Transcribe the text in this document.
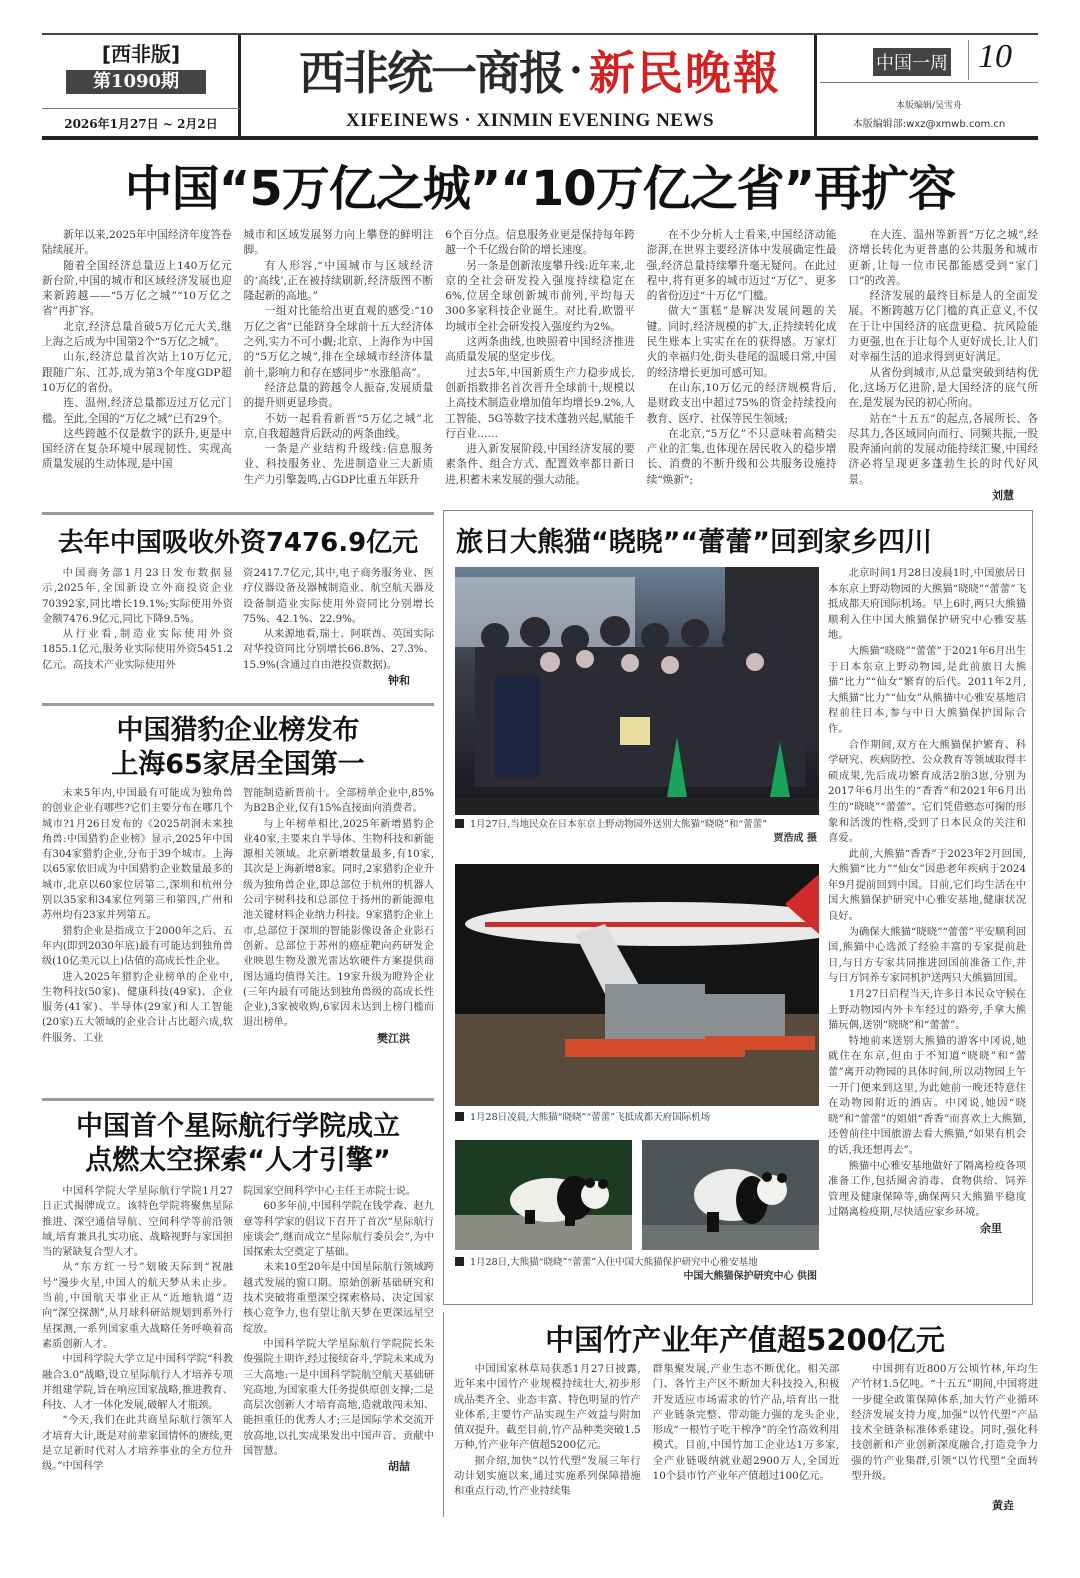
[西非版]
第1090期
2026年1月27日 ~ 2月2日
西非统一商报 · 新民晚報
XIFEINEWS · XINMIN EVENING NEWS
中国一周 10
本版编辑/吴雪舟
本版编辑部:wxz@xmwb.com.cn
中国“5万亿之城”“10万亿之省”再扩容

新年以来,2025年中国经济年度答卷陆续展开。

随着全国经济总量迈上140万亿元新台阶,中国的城市和区域经济发展也迎来新跨越——“5万亿之城”“10万亿之省”再扩容。

北京,经济总量首破5万亿元大关,继上海之后成为中国第2个“5万亿之城”。

山东,经济总量首次站上10万亿元,跟随广东、江苏,成为第3个年度GDP超10万亿的省份。

连、温州,经济总量都迈过万亿元门槛。至此,全国的“万亿之城”已有29个。

这些跨越不仅是数字的跃升,更是中国经济在复杂环境中展现韧性、实现高质量发展的生动体现,是中国

城市和区域发展努力向上攀登的鲜明注脚。

有人形容,“中国城市与区域经济的‘高线’,正在被持续刷新,经济版图不断隆起新的高地。”

一组对比能给出更直观的感受:“10万亿之省”已能跻身全球前十五大经济体之列,实力不可小觑;北京、上海作为中国的“5万亿之城”,排在全球城市经济体量前十,影响力和存在感同步“水涨船高”。

经济总量的跨越令人振奋,发展质量的提升则更显珍贵。

不妨一起看看新晋“5万亿之城”北京,自我超越背后跃动的两条曲线。

一条是产业结构升级线:信息服务业、科技服务业、先进制造业三大新质生产力引擎轰鸣,占GDP比重五年跃升

6个百分点。信息服务业更是保持每年跨越一个千亿级台阶的增长速度。

另一条是创新浓度攀升线:近年来,北京的全社会研发投入强度持续稳定在6%,位居全球创新城市前列,平均每天300多家科技企业诞生。对比看,欧盟平均城市全社会研发投入强度约为2%。

这两条曲线,也映照着中国经济推进高质量发展的坚定步伐。

过去5年,中国新质生产力稳步成长,创新指数排名首次晋升全球前十,规模以上高技术制造业增加值年均增长9.2%,人工智能、5G等数字技术蓬勃兴起,赋能千行百业……

进入新发展阶段,中国经济发展的要素条件、组合方式、配置效率都日新日进,积蓄未来发展的强大动能。

在不少分析人士看来,中国经济动能澎湃,在世界主要经济体中发展确定性最强,经济总量持续攀升毫无疑问。在此过程中,将有更多的城市迈过“万亿”、更多的省份迈过“十万亿”门槛。

做大“蛋糕”是解决发展问题的关键。同时,经济规模的扩大,正持续转化成民生账本上实实在在的获得感。万家灯火的幸福归处,街头巷尾的温暖日常,中国的经济增长更加可感可知。

在山东,10万亿元的经济规模背后,是财政支出中超过75%的资金持续投向教育、医疗、社保等民生领域;

在北京,“5万亿”不只意味着高精尖产业的汇集,也体现在居民收入的稳步增长、消费的不断升级和公共服务设施持续“焕新”;

在大连、温州等新晋“万亿之城”,经济增长转化为更普惠的公共服务和城市更新,让每一位市民都能感受到“家门口”的改善。

经济发展的最终目标是人的全面发展。不断跨越万亿门槛的真正意义,不仅在于让中国经济的底盘更稳、抗风险能力更强,也在于让每个人更好成长,让人们对幸福生活的追求得到更好满足。

从省份到城市,从总量突破到结构优化,这场万亿进阶,是大国经济的底气所在,是发展为民的初心所向。

站在“十五五”的起点,各展所长、各尽其力,各区域同向而行、同频共振,一股股奔涌向前的发展动能持续汇聚,中国经济必将呈现更多蓬勃生长的时代好风景。

刘慧
去年中国吸收外资7476.9亿元

中国商务部1月23日发布数据显示,2025年,全国新设立外商投资企业70392家,同比增长19.1%;实际使用外资金额7476.9亿元,同比下降9.5%。

从行业看,制造业实际使用外资1855.1亿元,服务业实际使用外资5451.2亿元。高技术产业实际使用外

资2417.7亿元,其中,电子商务服务业、医疗仪器设备及器械制造业、航空航天器及设备制造业实际使用外资同比分别增长75%、42.1%、22.9%。

从来源地看,瑞士、阿联酋、英国实际对华投资同比分别增长66.8%、27.3%、15.9%(含通过自由港投资数据)。

钟和
中国猎豹企业榜发布
上海65家居全国第一

未来5年内,中国最有可能成为独角兽的创业企业有哪些?它们主要分布在哪几个城市?1月26日发布的《2025胡润未来独角兽:中国猎豹企业榜》显示,2025年中国有304家猎豹企业,分布于39个城市。上海以65家依旧成为中国猎豹企业数量最多的城市,北京以60家位居第二,深圳和杭州分别以35家和34家位列第三和第四,广州和苏州均有23家并列第五。

猎豹企业是指成立于2000年之后、五年内(即到2030年底)最有可能达到独角兽级(10亿美元以上)估值的高成长性企业。

进入2025年猎豹企业榜单的企业中,生物科技(50家)、健康科技(49家)、企业服务(41家)、半导体(29家)和人工智能(20家)五大领域的企业合计占比超六成,软件服务、工业

智能制造新晋前十。全部榜单企业中,85%为B2B企业,仅有15%直接面向消费者。

与上年榜单相比,2025年新增猎豹企业40家,主要来自半导体、生物科技和新能源相关领域。北京新增数量最多,有10家,其次是上海新增8家。同时,2家猎豹企业升级为独角兽企业,即总部位于杭州的机器人公司宇树科技和总部位于扬州的新能源电池关键材料企业纳力科技。9家猎豹企业上市,总部位于深圳的智能影像设备企业影石创新、总部位于苏州的癌症靶向药研发企业映恩生物及激光雷达软硬件方案提供商图达通均值得关注。19家升级为瞪羚企业(三年内最有可能达到独角兽级的高成长性企业),3家被收购,6家因未达到上榜门槛而退出榜单。

樊江洪
中国首个星际航行学院成立
点燃太空探索“人才引擎”

中国科学院大学星际航行学院1月27日正式揭牌成立。该特色学院将聚焦星际推进、深空通信导航、空间科学等前沿领域,培育兼具扎实功底、战略视野与家国担当的紧缺复合型人才。

从“东方红一号”划破天际到“祝融号”漫步火星,中国人的航天梦从未止步。当前,中国航天事业正从“近地轨道”迈向“深空探测”,从月球科研站规划到系外行星探测,一系列国家重大战略任务呼唤着高素质创新人才。

中国科学院大学立足中国科学院“科教融合3.0”战略,设立星际航行人才培养专项并组建学院,旨在响应国家战略,推进教育、科技、人才一体化发展,破解人才瓶颈。

“今天,我们在此共商星际航行领军人才培育大计,既是对前辈家国情怀的赓续,更是立足新时代对人才培养事业的全方位升级。”中国科学

院国家空间科学中心主任王赤院士说。

60多年前,中国科学院在钱学森、赵九章等科学家的倡议下召开了首次“星际航行座谈会”,继而成立“星际航行委员会”,为中国探索太空奠定了基础。

未来10至20年是中国星际航行领域跨越式发展的窗口期。原始创新基础研究和技术突破将重塑深空探索格局、决定国家核心竞争力,也有望让航天梦在更深远星空绽放。

中国科学院大学星际航行学院院长朱俊强院士期许,经过接续奋斗,学院未来成为三大高地:一是中国科学院航空航天基础研究高地,为国家重大任务提供原创支撑;二是高层次创新人才培育高地,造就敢闯未知、能担重任的优秀人才;三是国际学术交流开放高地,以扎实成果发出中国声音、贡献中国智慧。

胡喆
旅日大熊猫“晓晓”“蕾蕾”回到家乡四川
1月27日,当地民众在日本东京上野动物园外送别大熊猫“晓晓”和“蕾蕾”
贾浩成 摄
1月28日凌晨,大熊猫“晓晓”“蕾蕾”飞抵成都天府国际机场
1月28日,大熊猫“晓晓”“蕾蕾”入住中国大熊猫保护研究中心雅安基地
中国大熊猫保护研究中心 供图

北京时间1月28日凌晨1时,中国旅居日本东京上野动物园的大熊猫“晓晓”“蕾蕾”飞抵成都天府国际机场。早上6时,两只大熊猫顺利入住中国大熊猫保护研究中心雅安基地。

大熊猫“晓晓”“蕾蕾”于2021年6月出生于日本东京上野动物园,是此前旅日大熊猫“比力”“仙女”繁育的后代。2011年2月,大熊猫“比力”“仙女”从熊猫中心雅安基地启程前往日本,参与中日大熊猫保护国际合作。

合作期间,双方在大熊猫保护繁育、科学研究、疾病防控、公众教育等领域取得丰硕成果,先后成功繁育成活2胎3崽,分别为2017年6月出生的“香香”和2021年6月出生的“晓晓”“蕾蕾”。它们凭借憨态可掬的形象和活泼的性格,受到了日本民众的关注和喜爱。

此前,大熊猫“香香”于2023年2月回国,大熊猫“比力”“仙女”因患老年疾病于2024年9月提前回到中国。目前,它们均生活在中国大熊猫保护研究中心雅安基地,健康状况良好。

为确保大熊猫“晓晓”“蕾蕾”平安顺利回国,熊猫中心选派了经验丰富的专家提前赴日,与日方专家共同推进回国前准备工作,并与日方饲养专家同机护送两只大熊猫回国。

1月27日启程当天,许多日本民众守候在上野动物园内外卡车经过的路旁,手拿大熊猫玩偶,送别“晓晓”和“蕾蕾”。

特地前来送别大熊猫的游客中冈说,她就住在东京,但由于不知道“晓晓”和“蕾蕾”离开动物园的具体时间,所以动物园上午一开门便来到这里,为此她前一晚还特意住在动物园附近的酒店。中冈说,她因“晓晓”和“蕾蕾”的姐姐“香香”而喜欢上大熊猫,还曾前往中国旅游去看大熊猫,“如果有机会的话,我还想再去”。

熊猫中心雅安基地做好了隔离检疫各项准备工作,包括圈舍消毒、食物供给、饲养管理及健康保障等,确保两只大熊猫平稳度过隔离检疫期,尽快适应家乡环境。

余里
中国竹产业年产值超5200亿元

中国国家林草局获悉1月27日披露,近年来中国竹产业规模持续壮大,初步形成品类齐全、业态丰富、特色明显的竹产业体系,主要竹产品实现生产效益与附加值双提升。截至目前,竹产品种类突破1.5万种,竹产业年产值超5200亿元。

据介绍,加快“以竹代塑”发展三年行动计划实施以来,通过实施系列保障措施和重点行动,竹产业持续集

群集聚发展,产业生态不断优化。相关部门、各竹主产区不断加大科技投入,积极开发适应市场需求的竹产品,培育出一批产业链条完整、带动能力强的龙头企业,形成“一根竹子吃干榨净”的全竹高效利用模式。目前,中国竹加工企业达1万多家,全产业链吸纳就业超2900万人,全国近10个县市竹产业年产值超过100亿元。

中国拥有近800万公顷竹林,年均生产竹材1.5亿吨。“十五五”期间,中国将进一步健全政策保障体系,加大竹产业循环经济发展支持力度,加强“以竹代塑”产品技术全链条标准体系建设。同时,强化科技创新和产业创新深度融合,打造竞争力强的竹产业集群,引领“以竹代塑”全面转型升级。

黄垚
